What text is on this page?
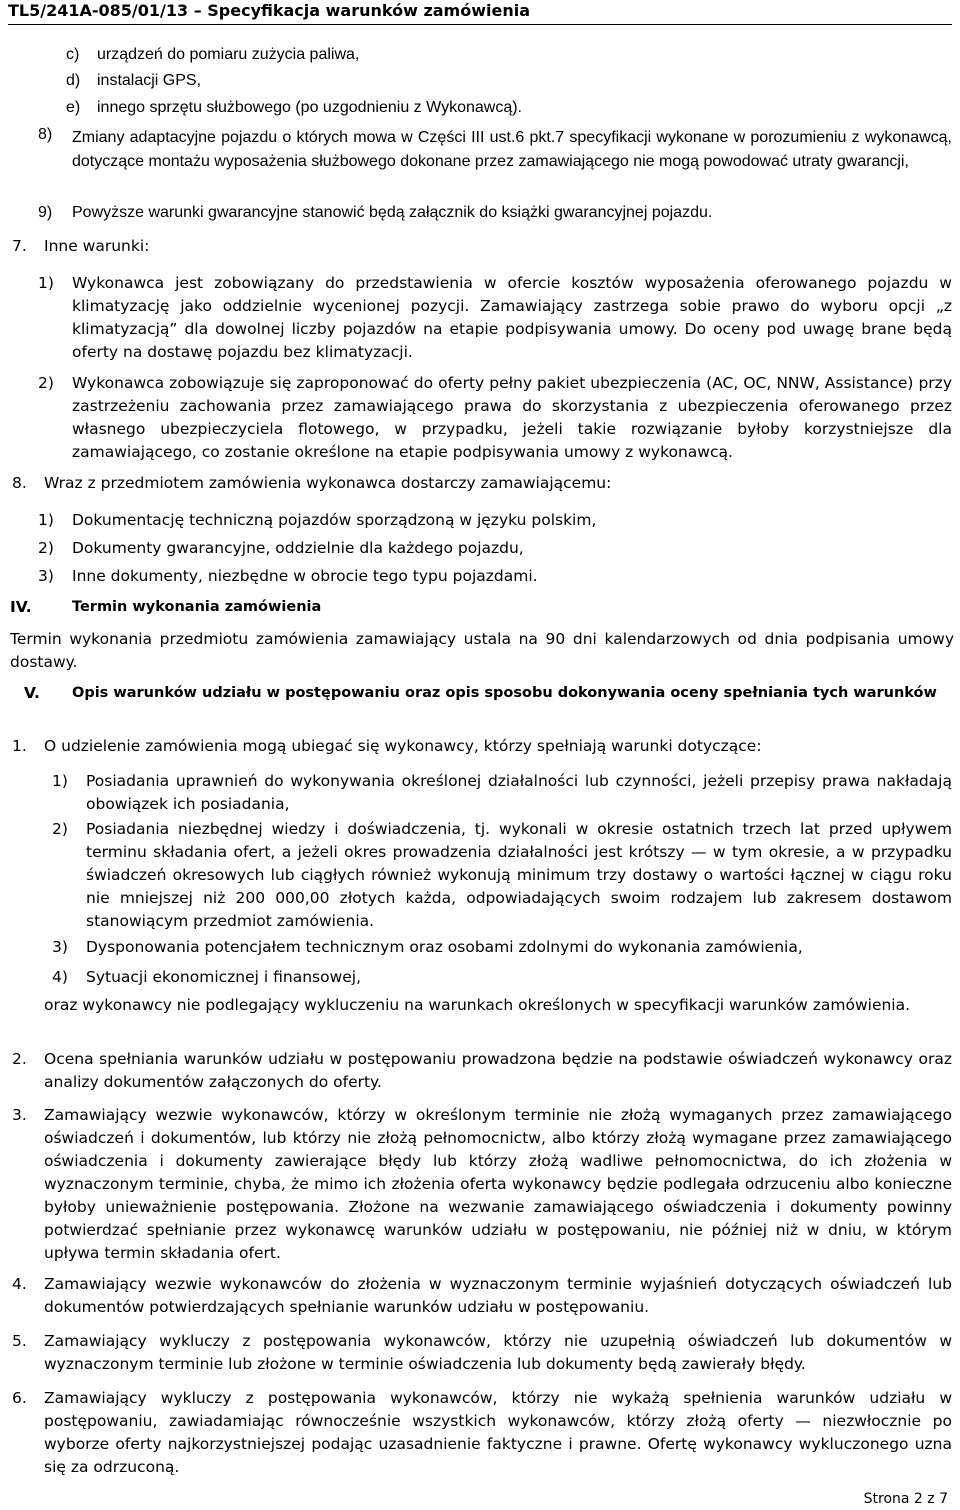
TL5/241A-085/01/13 – Specyfikacja warunków zamówienia
c) urządzeń do pomiaru zużycia paliwa,
d) instalacji GPS,
e) innego sprzętu służbowego (po uzgodnieniu z Wykonawcą).
8) Zmiany adaptacyjne pojazdu o których mowa w Części III ust.6 pkt.7 specyfikacji wykonane w porozumieniu z wykonawcą, dotyczące montażu wyposażenia służbowego dokonane przez zamawiającego nie mogą powodować utraty gwarancji,

9) Powyższe warunki gwarancyjne stanowić będą załącznik do książki gwarancyjnej pojazdu.

7. Inne warunki:
1) Wykonawca jest zobowiązany do przedstawienia w ofercie kosztów wyposażenia oferowanego pojazdu w klimatyzację jako oddzielnie wycenionej pozycji. Zamawiający zastrzega sobie prawo do wyboru opcji „z klimatyzacją” dla dowolnej liczby pojazdów na etapie podpisywania umowy. Do oceny pod uwagę brane będą oferty na dostawę pojazdu bez klimatyzacji.

2) Wykonawca zobowiązuje się zaproponować do oferty pełny pakiet ubezpieczenia (AC, OC, NNW, Assistance) przy zastrzeżeniu zachowania przez zamawiającego prawa do skorzystania z ubezpieczenia oferowanego przez własnego ubezpieczyciela flotowego, w przypadku, jeżeli takie rozwiązanie byłoby korzystniejsze dla zamawiającego, co zostanie określone na etapie podpisywania umowy z wykonawcą.

8. Wraz z przedmiotem zamówienia wykonawca dostarczy zamawiającemu:
1) Dokumentację techniczną pojazdów sporządzoną w języku polskim,
2) Dokumenty gwarancyjne, oddzielnie dla każdego pojazdu,
3) Inne dokumenty, niezbędne w obrocie tego typu pojazdami.
IV.	Termin wykonania zamówienia

Termin wykonania przedmiotu zamówienia zamawiający ustala na 90 dni kalendarzowych od dnia podpisania umowy dostawy.

V. Opis warunków udziału w postępowaniu oraz opis sposobu dokonywania oceny spełniania tych warunków

1. O udzielenie zamówienia mogą ubiegać się wykonawcy, którzy spełniają warunki dotyczące:
1) Posiadania uprawnień do wykonywania określonej działalności lub czynności, jeżeli przepisy prawa nakładają obowiązek ich posiadania,

2) Posiadania niezbędnej wiedzy i doświadczenia, tj. wykonali w okresie ostatnich trzech lat przed upływem terminu składania ofert, a jeżeli okres prowadzenia działalności jest krótszy — w tym okresie, a w przypadku świadczeń okresowych lub ciągłych również wykonują minimum trzy dostawy o wartości łącznej w ciągu roku nie mniejszej niż 200 000,00 złotych każda, odpowiadających swoim rodzajem lub zakresem dostawom stanowiącym przedmiot zamówienia.

3) Dysponowania potencjałem technicznym oraz osobami zdolnymi do wykonania zamówienia,
4) Sytuacji ekonomicznej i finansowej,

oraz wykonawcy nie podlegający wykluczeniu na warunkach określonych w specyfikacji warunków zamówienia.

2. Ocena spełniania warunków udziału w postępowaniu prowadzona będzie na podstawie oświadczeń wykonawcy oraz analizy dokumentów załączonych do oferty.

3. Zamawiający wezwie wykonawców, którzy w określonym terminie nie złożą wymaganych przez zamawiającego oświadczeń i dokumentów, lub którzy nie złożą pełnomocnictw, albo którzy złożą wymagane przez zamawiającego oświadczenia i dokumenty zawierające błędy lub którzy złożą wadliwe pełnomocnictwa, do ich złożenia w wyznaczonym terminie, chyba, że mimo ich złożenia oferta wykonawcy będzie podlegała odrzuceniu albo konieczne byłoby unieważnienie postępowania. Złożone na wezwanie zamawiającego oświadczenia i dokumenty powinny potwierdzać spełnianie przez wykonawcę warunków udziału w postępowaniu, nie później niż w dniu, w którym upływa termin składania ofert.

4. Zamawiający wezwie wykonawców do złożenia w wyznaczonym terminie wyjaśnień dotyczących oświadczeń lub dokumentów potwierdzających spełnianie warunków udziału w postępowaniu.

5. Zamawiający wykluczy z postępowania wykonawców, którzy nie uzupełnią oświadczeń lub dokumentów w wyznaczonym terminie lub złożone w terminie oświadczenia lub dokumenty będą zawierały błędy.

6. Zamawiający wykluczy z postępowania wykonawców, którzy nie wykażą spełnienia warunków udziału w postępowaniu, zawiadamiając równocześnie wszystkich wykonawców, którzy złożą oferty — niezwłocznie po wyborze oferty najkorzystniejszej podając uzasadnienie faktyczne i prawne. Ofertę wykonawcy wykluczonego uzna się za odrzuconą.

Strona 2 z 7
